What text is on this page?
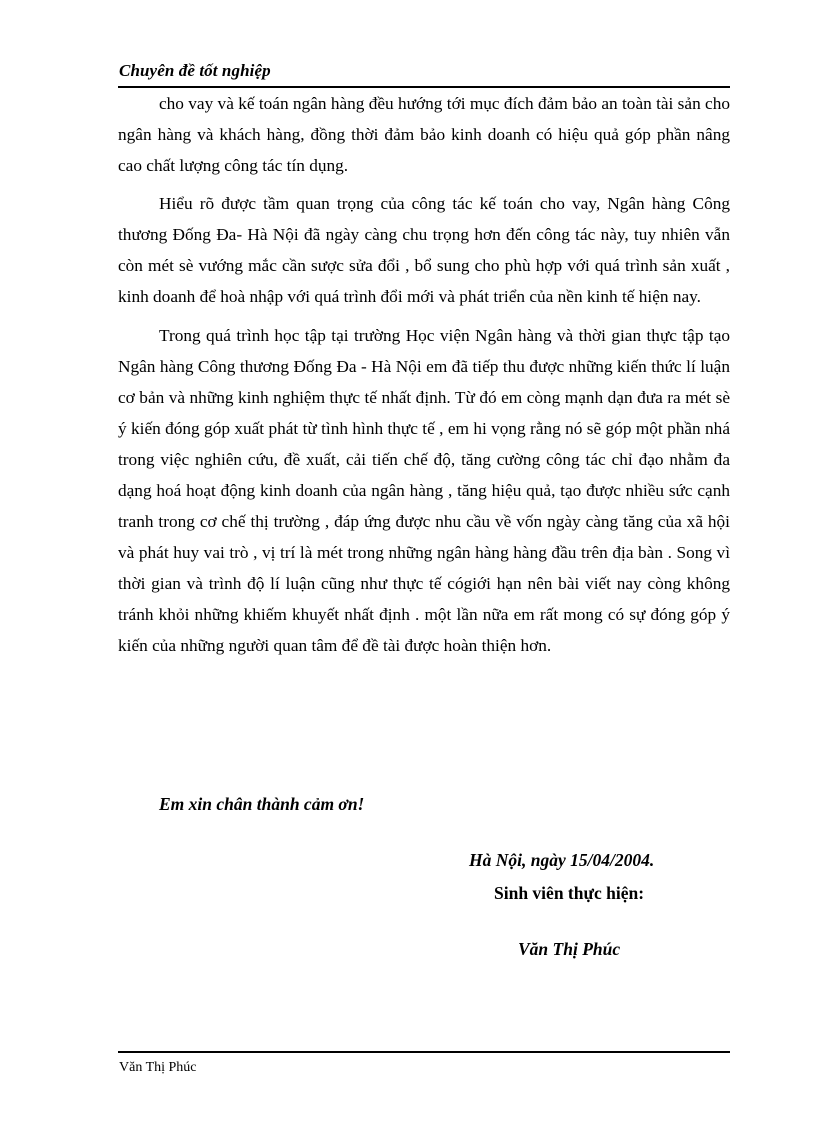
Chuyên đề tốt nghiệp

cho vay và kế toán ngân hàng đều hướng tới mục đích đảm bảo an toàn tài sản cho ngân hàng và khách hàng, đồng thời đảm bảo kinh doanh có hiệu quả góp phần nâng cao chất lượng công tác tín dụng.

Hiểu rõ được tầm quan trọng của công tác kế toán cho vay, Ngân hàng Công thương Đống Đa- Hà Nội đã ngày càng chu trọng hơn đến công tác này, tuy nhiên vẫn còn mét sè vướng mắc cần sược sửa đổi , bổ sung cho phù hợp với quá trình sản xuất , kinh doanh để hoà nhập với quá trình đổi mới và phát triển của nền kinh tế hiện nay.

Trong quá trình học tập tại trường Học viện Ngân hàng và thời gian thực tập tạo Ngân hàng Công thương Đống Đa - Hà Nội em đã tiếp thu được những kiến thức lí luận cơ bản và những kinh nghiệm thực tế nhất định. Từ đó em còng mạnh dạn đưa ra mét sè ý kiến đóng góp xuất phát từ tình hình thực tế , em hi vọng rằng nó sẽ góp một phần nhá trong việc nghiên cứu, đề xuất, cải tiến chế độ, tăng cường công tác chỉ đạo nhằm đa dạng hoá hoạt động kinh doanh của ngân hàng , tăng hiệu quả, tạo được nhiều sức cạnh tranh trong cơ chế thị trường , đáp ứng được nhu cầu về vốn ngày càng tăng của xã hội và phát huy vai trò , vị trí là mét trong những ngân hàng hàng đầu trên địa bàn . Song vì thời gian và trình độ lí luận cũng như thực tế cógiới hạn nên bài viết nay còng không tránh khỏi những khiếm khuyết nhất định . một lần nữa em rất mong có sự đóng góp ý kiến của những người quan tâm để đề tài được hoàn thiện hơn.

Em xin chân thành cảm ơn!
Hà Nội, ngày 15/04/2004.
Sinh viên thực hiện:
Văn Thị Phúc
Văn Thị Phúc
